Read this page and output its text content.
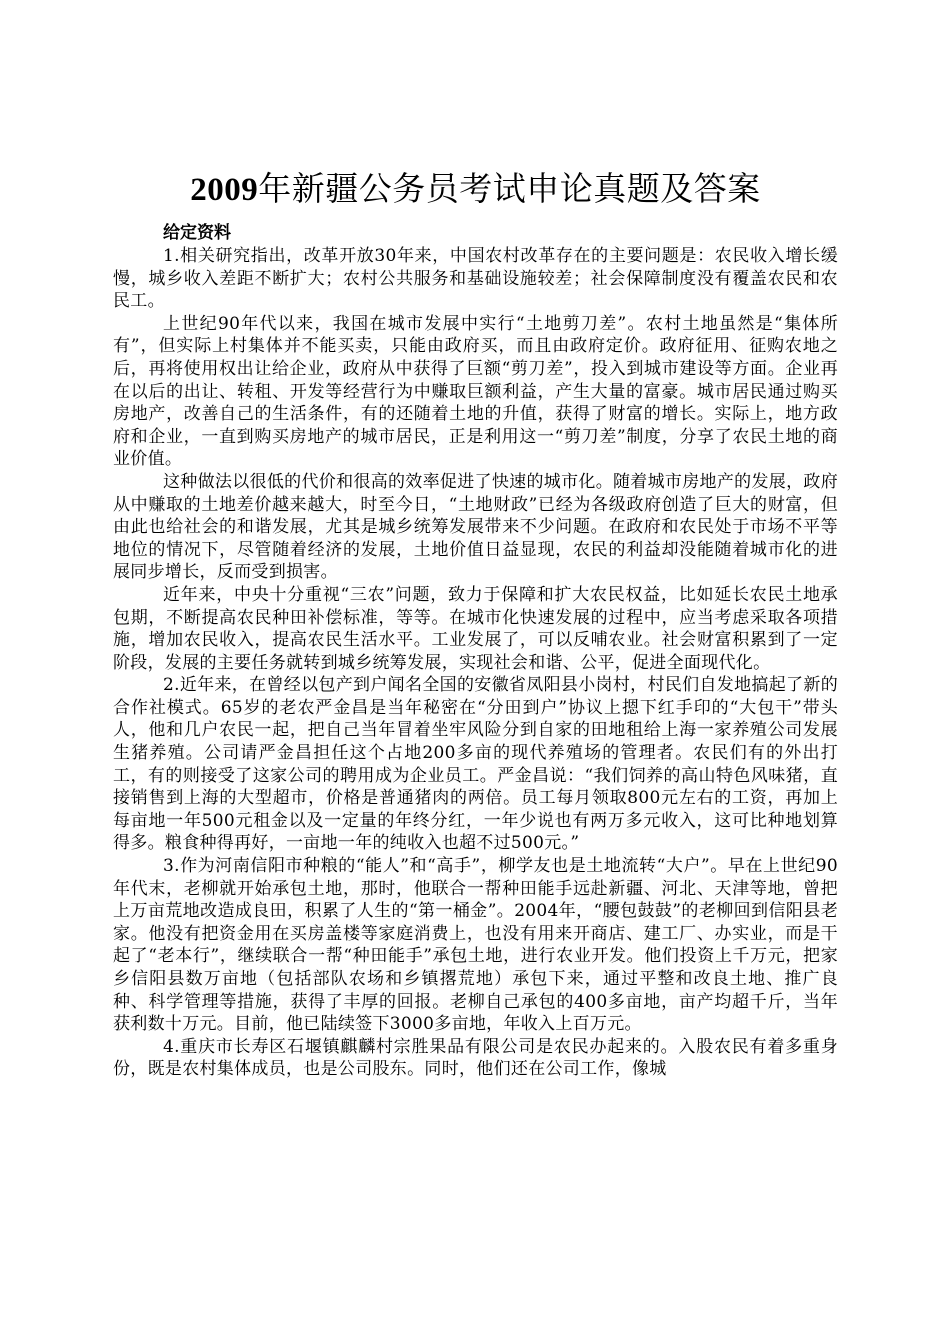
2009年新疆公务员考试申论真题及答案
给定资料

1.相关研究指出，改革开放30年来，中国农村改革存在的主要问题是：农民收入增长缓慢，城乡收入差距不断扩大；农村公共服务和基础设施较差；社会保障制度没有覆盖农民和农民工。

上世纪90年代以来，我国在城市发展中实行“土地剪刀差”。农村土地虽然是“集体所有”，但实际上村集体并不能买卖，只能由政府买，而且由政府定价。政府征用、征购农地之后，再将使用权出让给企业，政府从中获得了巨额“剪刀差”，投入到城市建设等方面。企业再在以后的出让、转租、开发等经营行为中赚取巨额利益，产生大量的富豪。城市居民通过购买房地产，改善自己的生活条件，有的还随着土地的升值，获得了财富的增长。实际上，地方政府和企业，一直到购买房地产的城市居民，正是利用这一“剪刀差”制度，分享了农民土地的商业价值。

这种做法以很低的代价和很高的效率促进了快速的城市化。随着城市房地产的发展，政府从中赚取的土地差价越来越大，时至今日，“土地财政”已经为各级政府创造了巨大的财富，但由此也给社会的和谐发展，尤其是城乡统筹发展带来不少问题。在政府和农民处于市场不平等地位的情况下，尽管随着经济的发展，土地价值日益显现，农民的利益却没能随着城市化的进展同步增长，反而受到损害。

近年来，中央十分重视“三农”问题，致力于保障和扩大农民权益，比如延长农民土地承包期，不断提高农民种田补偿标准，等等。在城市化快速发展的过程中，应当考虑采取各项措施，增加农民收入，提高农民生活水平。工业发展了，可以反哺农业。社会财富积累到了一定阶段，发展的主要任务就转到城乡统筹发展，实现社会和谐、公平，促进全面现代化。

2.近年来，在曾经以包产到户闻名全国的安徽省凤阳县小岗村，村民们自发地搞起了新的合作社模式。65岁的老农严金昌是当年秘密在“分田到户”协议上摁下红手印的“大包干”带头人，他和几户农民一起，把自己当年冒着坐牢风险分到自家的田地租给上海一家养殖公司发展生猪养殖。公司请严金昌担任这个占地200多亩的现代养殖场的管理者。农民们有的外出打工，有的则接受了这家公司的聘用成为企业员工。严金昌说：“我们饲养的高山特色风味猪，直接销售到上海的大型超市，价格是普通猪肉的两倍。员工每月领取800元左右的工资，再加上每亩地一年500元租金以及一定量的年终分红，一年少说也有两万多元收入，这可比种地划算得多。粮食种得再好，一亩地一年的纯收入也超不过500元。”

3.作为河南信阳市种粮的“能人”和“高手”，柳学友也是土地流转“大户”。早在上世纪90年代末，老柳就开始承包土地，那时，他联合一帮种田能手远赴新疆、河北、天津等地，曾把上万亩荒地改造成良田，积累了人生的“第一桶金”。2004年，“腰包鼓鼓”的老柳回到信阳县老家。他没有把资金用在买房盖楼等家庭消费上，也没有用来开商店、建工厂、办实业，而是干起了“老本行”，继续联合一帮“种田能手”承包土地，进行农业开发。他们投资上千万元，把家乡信阳县数万亩地（包括部队农场和乡镇撂荒地）承包下来，通过平整和改良土地、推广良种、科学管理等措施，获得了丰厚的回报。老柳自己承包的400多亩地，亩产均超千斤，当年获利数十万元。目前，他已陆续签下3000多亩地，年收入上百万元。

4.重庆市长寿区石堰镇麒麟村宗胜果品有限公司是农民办起来的。入股农民有着多重身份，既是农村集体成员，也是公司股东。同时，他们还在公司工作，像城
